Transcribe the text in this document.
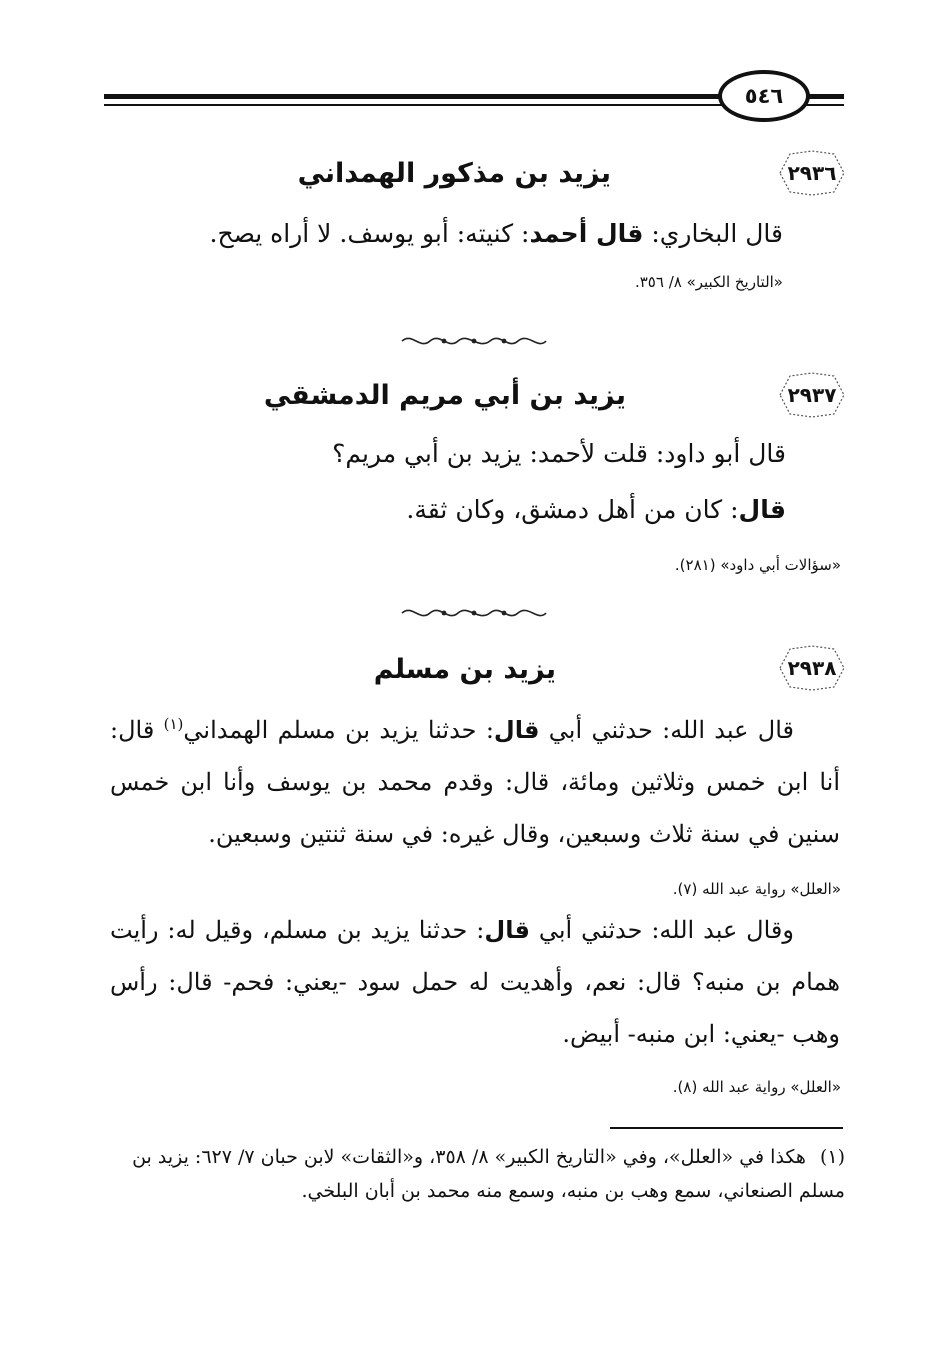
٥٤٦
٢٩٣٦
يزيد بن مذكور الهمداني
قال البخاري: قال أحمد: كنيته: أبو يوسف. لا أراه يصح.
«التاريخ الكبير» ٨/ ٣٥٦.
٢٩٣٧
يزيد بن أبي مريم الدمشقي
قال أبو داود: قلت لأحمد: يزيد بن أبي مريم؟
قال: كان من أهل دمشق، وكان ثقة.
«سؤالات أبي داود» (٢٨١).
٢٩٣٨
يزيد بن مسلم
قال عبد الله: حدثني أبي قال: حدثنا يزيد بن مسلم الهمداني$^{(١)}$ قال: أنا ابن خمس وثلاثين ومائة، قال: وقدم محمد بن يوسف وأنا ابن خمس سنين في سنة ثلاث وسبعين، وقال غيره: في سنة ثنتين وسبعين.
«العلل» رواية عبد الله (٧).
وقال عبد الله: حدثني أبي قال: حدثنا يزيد بن مسلم، وقيل له: رأيت همام بن منبه؟ قال: نعم، وأهديت له حمل سود -يعني: فحم- قال: رأس وهب -يعني: ابن منبه- أبيض.
«العلل» رواية عبد الله (٨).
(١)هكذا في «العلل»، وفي «التاريخ الكبير» ٨/ ٣٥٨، و«الثقات» لابن حبان ٧/ ٦٢٧: يزيد بن مسلم الصنعاني، سمع وهب بن منبه، وسمع منه محمد بن أبان البلخي.
